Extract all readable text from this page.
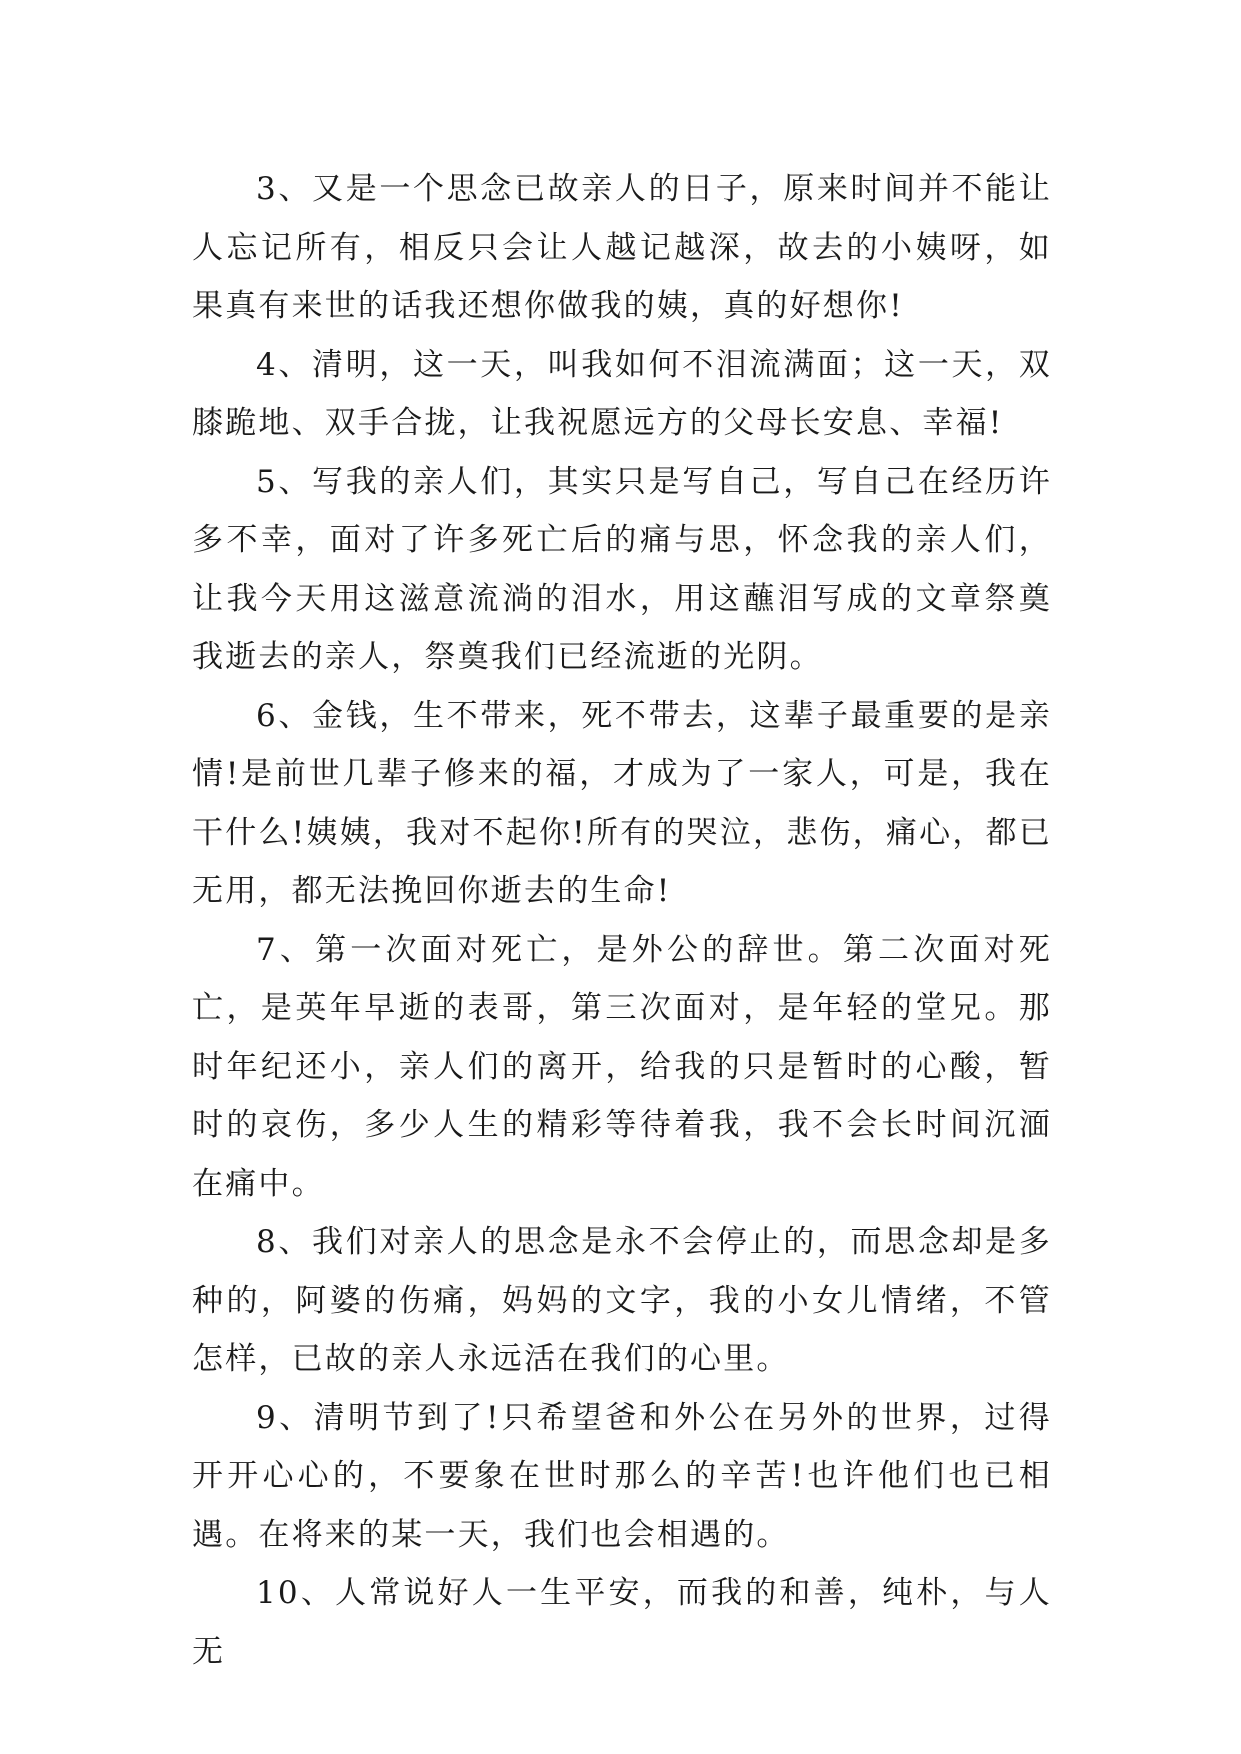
3、又是一个思念已故亲人的日子，原来时间并不能让人忘记所有，相反只会让人越记越深，故去的小姨呀，如果真有来世的话我还想你做我的姨，真的好想你!

4、清明，这一天，叫我如何不泪流满面；这一天，双膝跪地、双手合拢，让我祝愿远方的父母长安息、幸福!

5、写我的亲人们，其实只是写自己，写自己在经历许多不幸，面对了许多死亡后的痛与思，怀念我的亲人们，让我今天用这滋意流淌的泪水，用这蘸泪写成的文章祭奠我逝去的亲人，祭奠我们已经流逝的光阴。

6、金钱，生不带来，死不带去，这辈子最重要的是亲情!是前世几辈子修来的福，才成为了一家人，可是，我在干什么!姨姨，我对不起你!所有的哭泣，悲伤，痛心，都已无用，都无法挽回你逝去的生命!

7、第一次面对死亡，是外公的辞世。第二次面对死亡，是英年早逝的表哥，第三次面对，是年轻的堂兄。那时年纪还小，亲人们的离开，给我的只是暂时的心酸，暂时的哀伤，多少人生的精彩等待着我，我不会长时间沉湎在痛中。

8、我们对亲人的思念是永不会停止的，而思念却是多种的，阿婆的伤痛，妈妈的文字，我的小女儿情绪，不管怎样，已故的亲人永远活在我们的心里。

9、清明节到了!只希望爸和外公在另外的世界，过得开开心心的，不要象在世时那么的辛苦!也许他们也已相遇。在将来的某一天，我们也会相遇的。

10、人常说好人一生平安，而我的和善，纯朴，与人无
